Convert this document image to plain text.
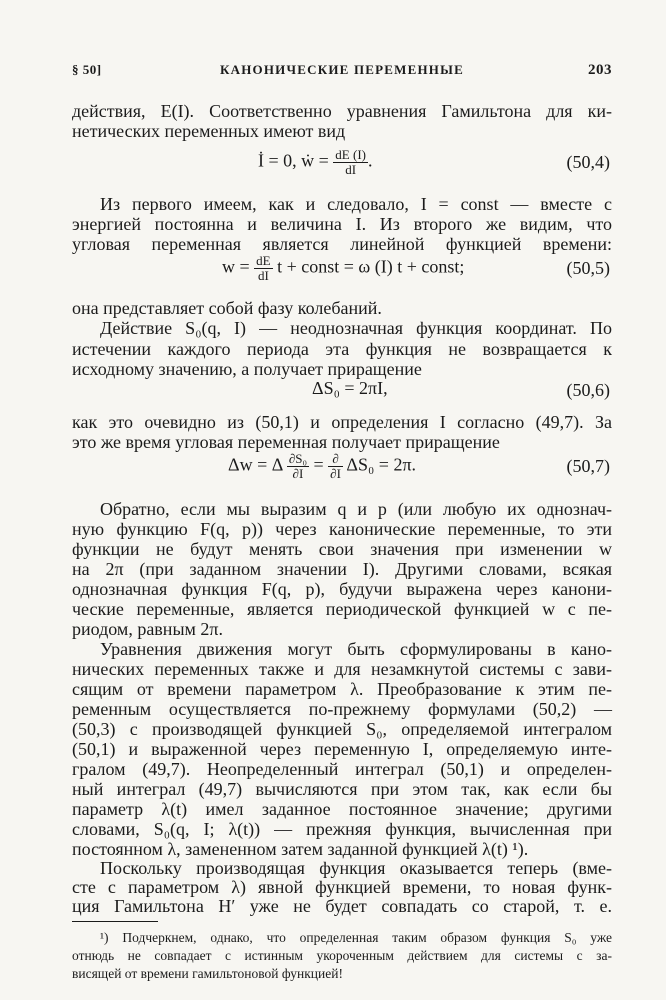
§ 50]	КАНОНИЧЕСКИЕ ПЕРЕМЕННЫЕ	203
действия, E(I). Соответственно уравнения Гамильтона для ки-
нетических переменных имеют вид
İ = 0, ẇ = $\frac{dE (I)}{dI}$ .	(50,4)
Из первого имеем, как и следовало, I = const — вместе с
энергией постоянна и величина I. Из второго же видим, что
угловая переменная является линейной функцией времени:
$w = \frac{dE}{dI}$ t + const = ω (I) t + const;	(50,5)
она представляет собой фазу колебаний.
Действие S₀(q, I) — неоднозначная функция координат. По
истечении каждого периода эта функция не возвращается к
исходному значению, а получает приращение
ΔS₀ = 2πI,	(50,6)
как это очевидно из (50,1) и определения I согласно (49,7). За
это же время угловая переменная получает приращение
Δw = Δ $\frac{\text{∂S₀}}{\partial I} = \frac{\partial}{\partial I} \Delta S_0 = 2\pi$.	(50,7)
Обратно, если мы выразим q и p (или любую их однознач-
ную функцию F(q, p)) через канонические переменные, то эти
функции не будут менять свои значения при изменении w
на 2π (при заданном значении I). Другими словами, всякая
однозначная функция F(q, p), будучи выражена через канони-
ческие переменные, является периодической функцией w с пе-
риодом, равным 2π.
Уравнения движения могут быть сформулированы в кано-
нических переменных также и для незамкнутой системы с зави-
сящим от времени параметром λ. Преобразование к этим пе-
ременным осуществляется по-прежнему формулами (50,2) —
(50,3) с производящей функцией S₀, определяемой интегралом
(50,1) и выраженной через переменную I, определяемую инте-
гралом (49,7). Неопределенный интеграл (50,1) и определен-
ный интеграл (49,7) вычисляются при этом так, как если бы
параметр λ(t) имел заданное постоянное значение; другими
словами, S₀(q, I; λ(t)) — прежняя функция, вычисленная при
постоянном λ, замененном затем заданной функцией λ(t) ¹).
Поскольку производящая функция оказывается теперь (вме-
сте с параметром λ) явной функцией времени, то новая функ-
ция Гамильтона H′ уже не будет совпадать со старой, т. е.
¹) Подчеркнем, однако, что определенная таким образом функция S₀ уже
отнюдь не совпадает с истинным укороченным действием для системы с за-
висящей от времени гамильтоновой функцией!
